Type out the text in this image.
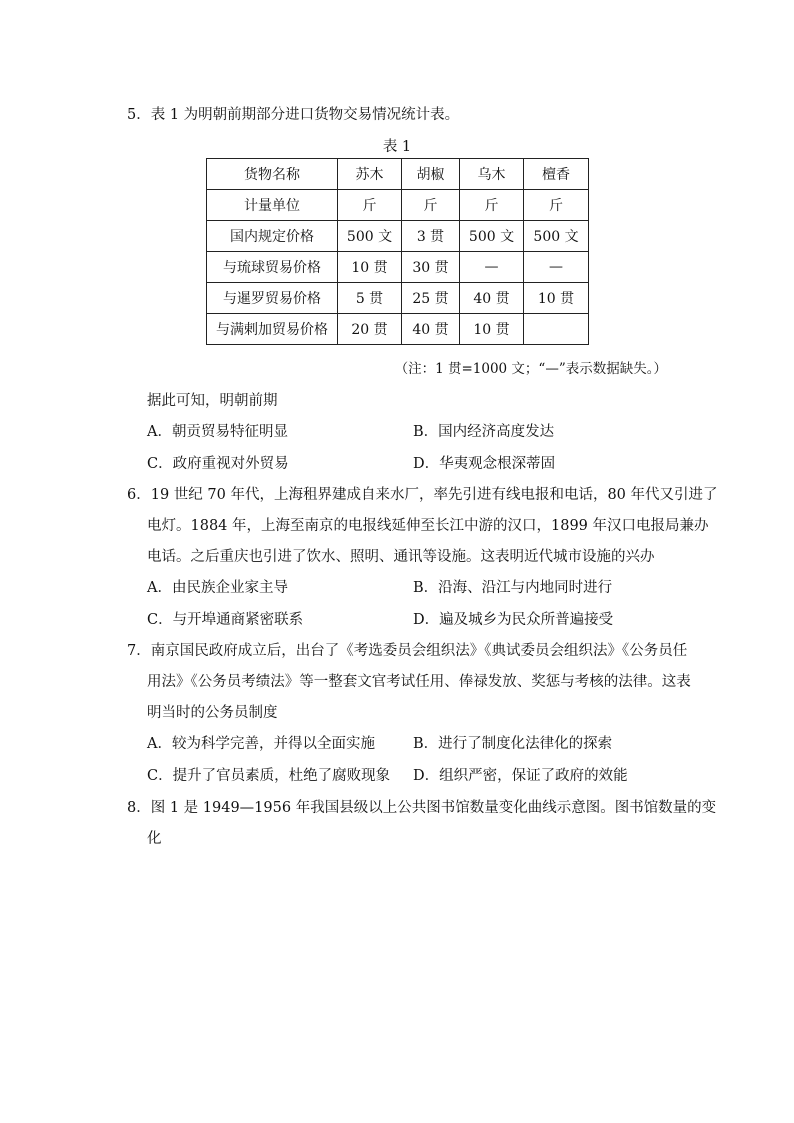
5．表 1 为明朝前期部分进口货物交易情况统计表。
表 1
货物名称	苏木	胡椒	乌木	檀香
计量单位	斤	斤	斤	斤
国内规定价格	500 文	3 贯	500 文	500 文
与琉球贸易价格	10 贯	30 贯	—	—
与暹罗贸易价格	5 贯	25 贯	40 贯	10 贯
与满剌加贸易价格	20 贯	40 贯	10 贯	
（注：1 贯=1000 文；“—”表示数据缺失。）
据此可知，明朝前期
A．朝贡贸易特征明显	B．国内经济高度发达
C．政府重视对外贸易	D．华夷观念根深蒂固
6．19 世纪 70 年代，上海租界建成自来水厂，率先引进有线电报和电话，80 年代又引进了
电灯。1884 年，上海至南京的电报线延伸至长江中游的汉口，1899 年汉口电报局兼办
电话。之后重庆也引进了饮水、照明、通讯等设施。这表明近代城市设施的兴办
A．由民族企业家主导	B．沿海、沿江与内地同时进行
C．与开埠通商紧密联系	D．遍及城乡为民众所普遍接受
7．南京国民政府成立后，出台了《考选委员会组织法》《典试委员会组织法》《公务员任
用法》《公务员考绩法》等一整套文官考试任用、俸禄发放、奖惩与考核的法律。这表
明当时的公务员制度
A．较为科学完善，并得以全面实施	B．进行了制度化法律化的探索
C．提升了官员素质，杜绝了腐败现象 D．组织严密，保证了政府的效能
8．图 1 是 1949—1956 年我国县级以上公共图书馆数量变化曲线示意图。图书馆数量的变
化
